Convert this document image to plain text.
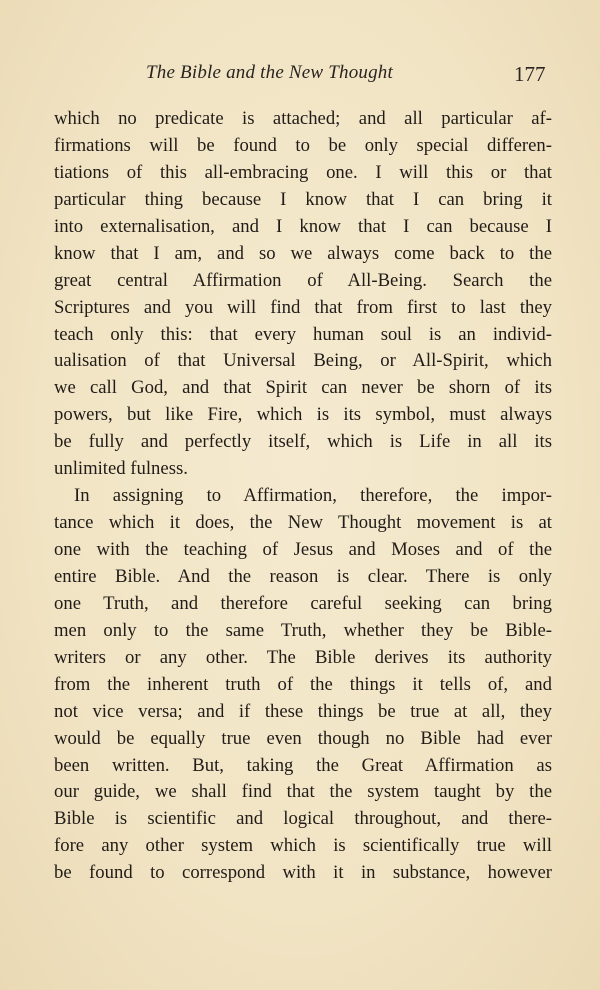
The Bible and the New Thought	177
which no predicate is attached; and all particular af-
firmations will be found to be only special differen-
tiations of this all-embracing one. I will this or that
particular thing because I know that I can bring it
into externalisation, and I know that I can because I
know that I am, and so we always come back to the
great central Affirmation of All-Being. Search the
Scriptures and you will find that from first to last they
teach only this: that every human soul is an individ-
ualisation of that Universal Being, or All-Spirit, which
we call God, and that Spirit can never be shorn of its
powers, but like Fire, which is its symbol, must always
be fully and perfectly itself, which is Life in all its
unlimited fulness.
In assigning to Affirmation, therefore, the impor-
tance which it does, the New Thought movement is at
one with the teaching of Jesus and Moses and of the
entire Bible. And the reason is clear. There is only
one Truth, and therefore careful seeking can bring
men only to the same Truth, whether they be Bible-
writers or any other. The Bible derives its authority
from the inherent truth of the things it tells of, and
not vice versa; and if these things be true at all, they
would be equally true even though no Bible had ever
been written. But, taking the Great Affirmation as
our guide, we shall find that the system taught by the
Bible is scientific and logical throughout, and there-
fore any other system which is scientifically true will
be found to correspond with it in substance, however
